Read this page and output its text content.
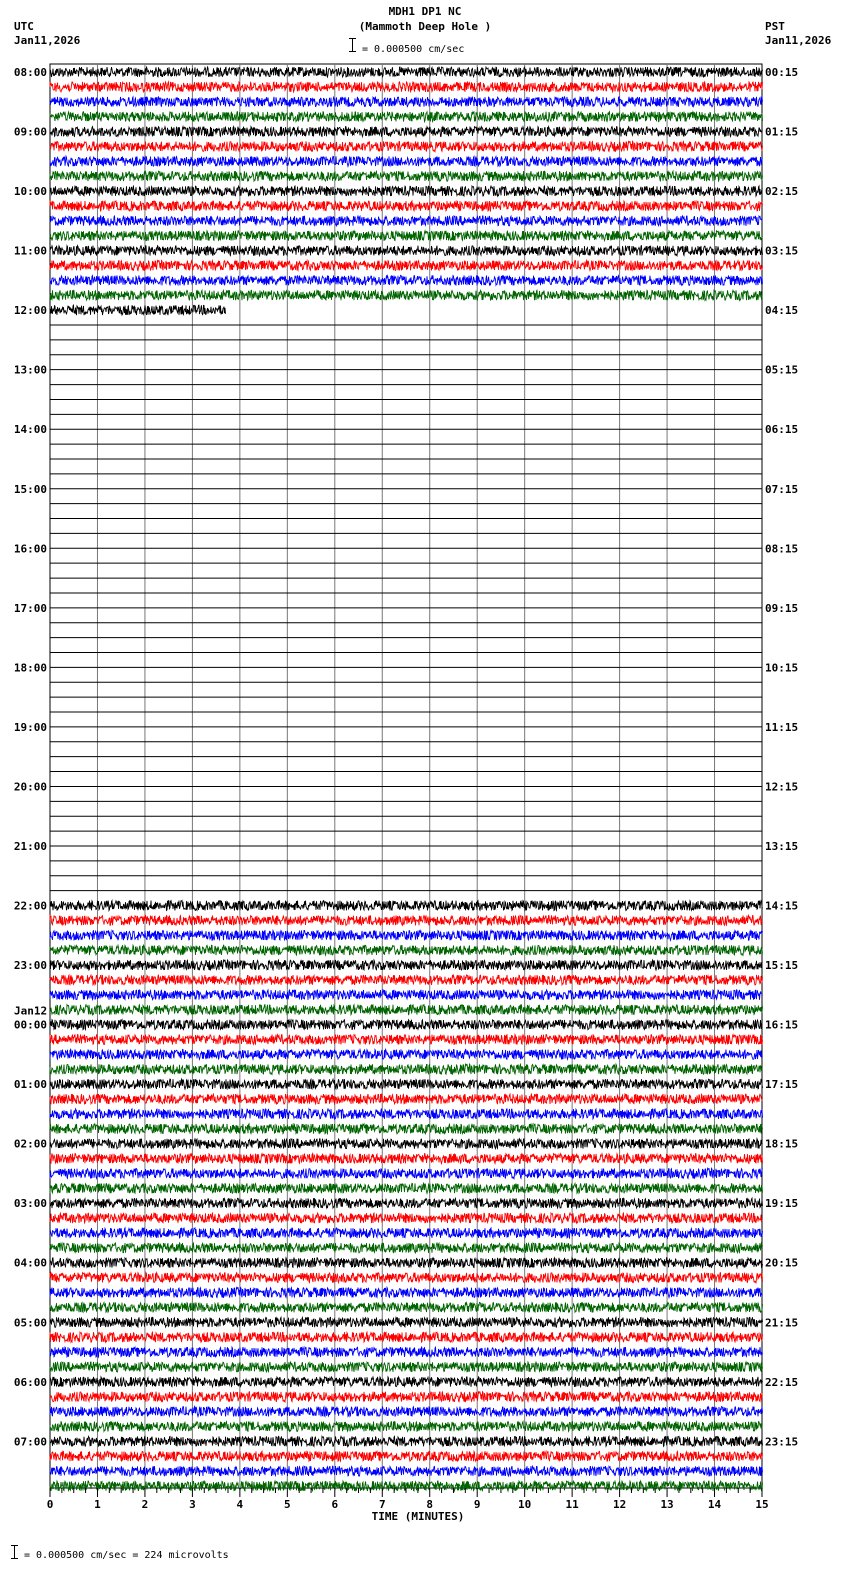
MDH1 DP1 NC
(Mammoth Deep Hole )
= 0.000500 cm/sec
UTC
Jan11,2026
PST
Jan11,2026
08:00
09:00
10:00
11:00
12:00
13:00
14:00
15:00
16:00
17:00
18:00
19:00
20:00
21:00
22:00
23:00
00:00
01:00
02:00
03:00
04:00
05:00
06:00
07:00
00:15
01:15
02:15
03:15
04:15
05:15
06:15
07:15
08:15
09:15
10:15
11:15
12:15
13:15
14:15
15:15
16:15
17:15
18:15
19:15
20:15
21:15
22:15
23:15
Jan12
0	1	2	3	4	5	6	7	8	9	10	11	12	13	14	15
TIME (MINUTES)
= 0.000500 cm/sec = 224 microvolts
